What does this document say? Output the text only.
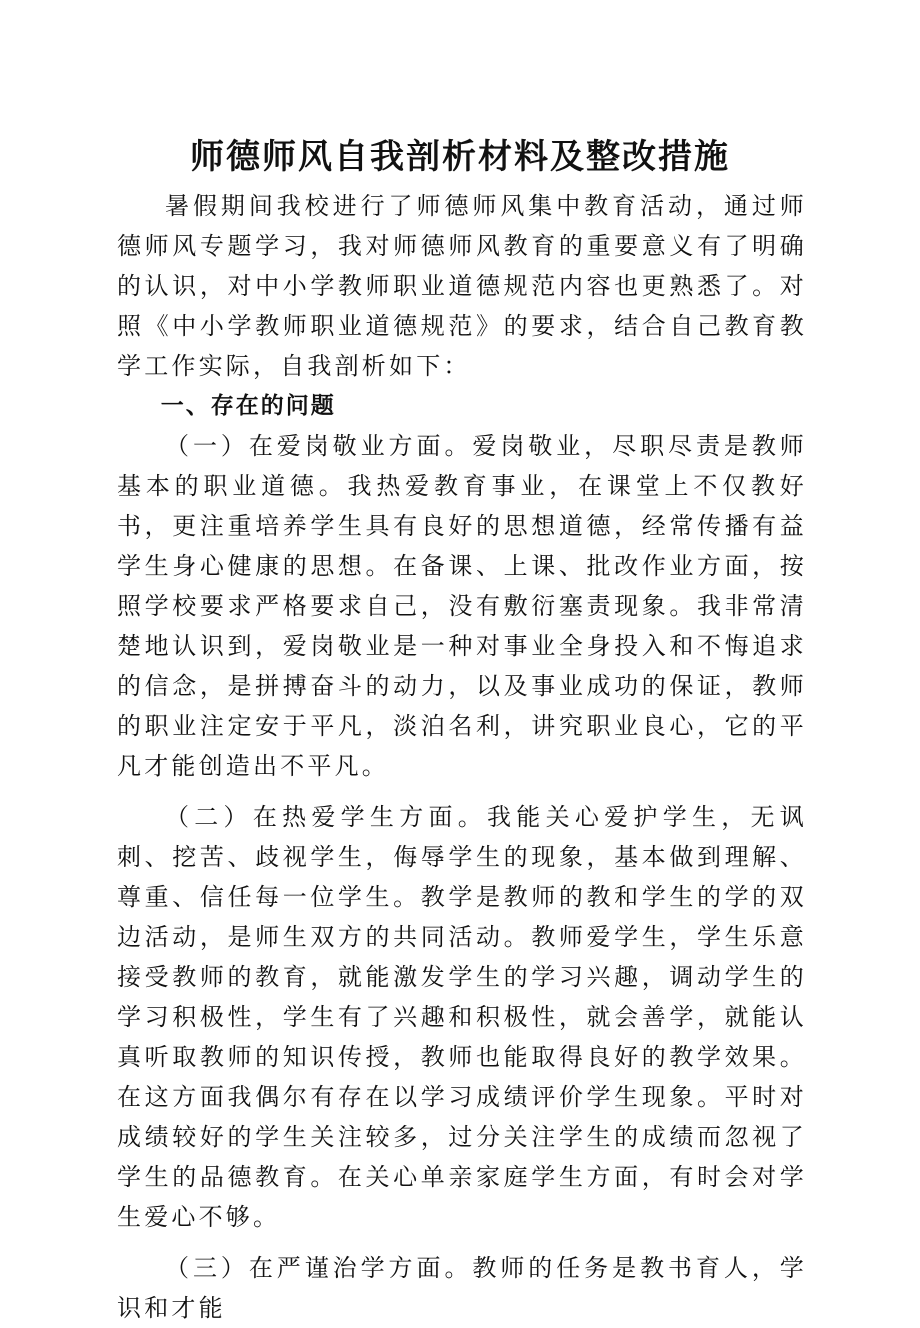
师德师风自我剖析材料及整改措施

暑假期间我校进行了师德师风集中教育活动，通过师德师风专题学习，我对师德师风教育的重要意义有了明确的认识，对中小学教师职业道德规范内容也更熟悉了。对照《中小学教师职业道德规范》的要求，结合自己教育教学工作实际，自我剖析如下：

一、存在的问题

（一）在爱岗敬业方面。爱岗敬业，尽职尽责是教师基本的职业道德。我热爱教育事业，在课堂上不仅教好书，更注重培养学生具有良好的思想道德，经常传播有益学生身心健康的思想。在备课、上课、批改作业方面，按照学校要求严格要求自己，没有敷衍塞责现象。我非常清楚地认识到，爱岗敬业是一种对事业全身投入和不悔追求的信念，是拼搏奋斗的动力，以及事业成功的保证，教师的职业注定安于平凡，淡泊名利，讲究职业良心，它的平凡才能创造出不平凡。

（二）在热爱学生方面。我能关心爱护学生，无讽刺、挖苦、歧视学生，侮辱学生的现象，基本做到理解、尊重、信任每一位学生。教学是教师的教和学生的学的双边活动，是师生双方的共同活动。教师爱学生，学生乐意接受教师的教育，就能激发学生的学习兴趣，调动学生的学习积极性，学生有了兴趣和积极性，就会善学，就能认真听取教师的知识传授，教师也能取得良好的教学效果。在这方面我偶尔有存在以学习成绩评价学生现象。平时对成绩较好的学生关注较多，过分关注学生的成绩而忽视了学生的品德教育。在关心单亲家庭学生方面，有时会对学生爱心不够。

（三）在严谨治学方面。教师的任务是教书育人，学识和才能
